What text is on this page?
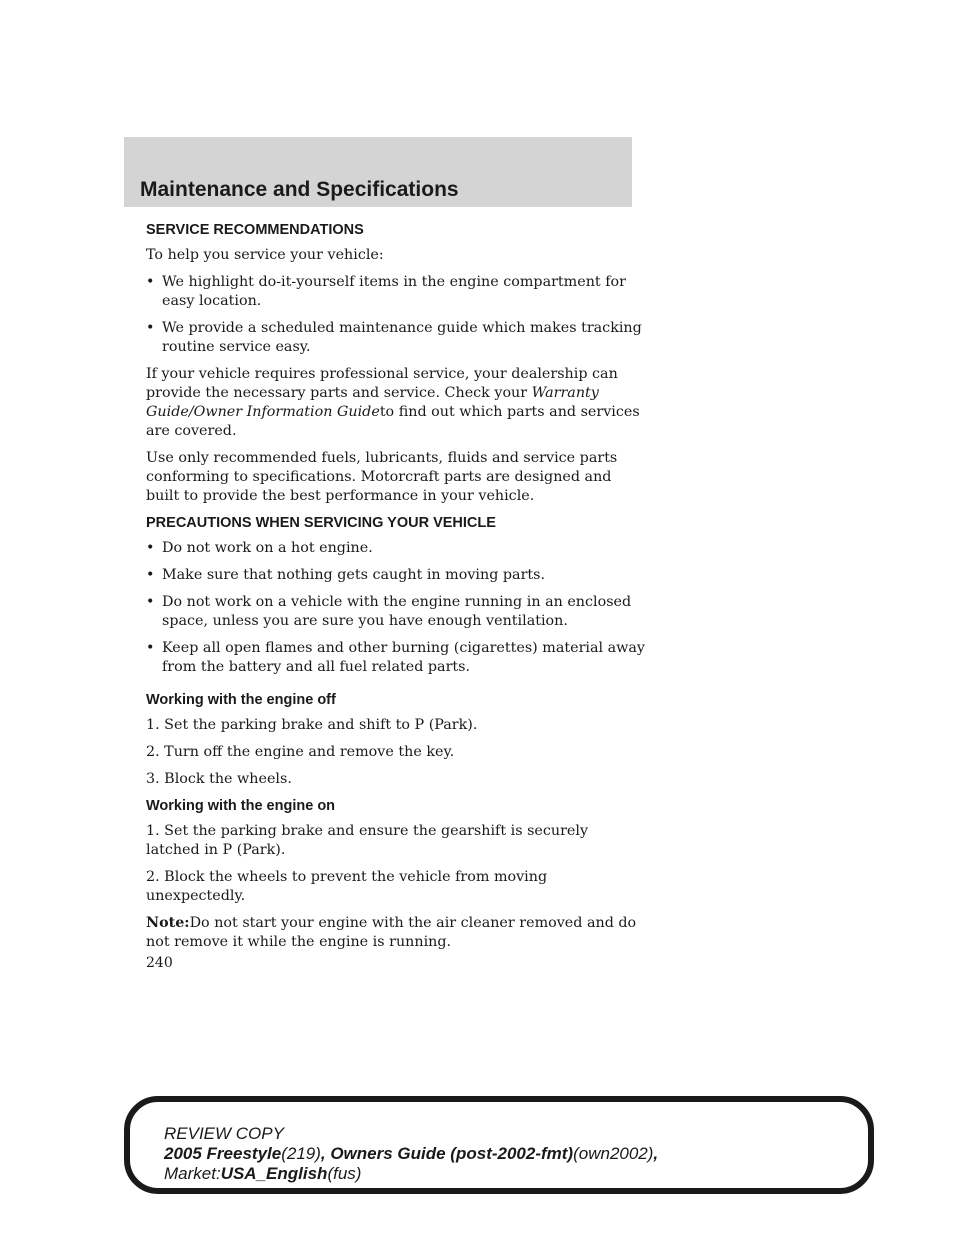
Maintenance and Specifications
SERVICE RECOMMENDATIONS

To help you service your vehicle:

• We highlight do-it-yourself items in the engine compartment for easy location.
• We provide a scheduled maintenance guide which makes tracking routine service easy.

If your vehicle requires professional service, your dealership can provide the necessary parts and service. Check your Warranty Guide/Owner Information Guideto find out which parts and services are covered.

Use only recommended fuels, lubricants, fluids and service parts conforming to specifications. Motorcraft parts are designed and built to provide the best performance in your vehicle.

PRECAUTIONS WHEN SERVICING YOUR VEHICLE
• Do not work on a hot engine.
• Make sure that nothing gets caught in moving parts.
• Do not work on a vehicle with the engine running in an enclosed space, unless you are sure you have enough ventilation.
• Keep all open flames and other burning (cigarettes) material away from the battery and all fuel related parts.
Working with the engine off

1. Set the parking brake and shift to P (Park).

2. Turn off the engine and remove the key.

3. Block the wheels.

Working with the engine on

1. Set the parking brake and ensure the gearshift is securely latched in P (Park).

2. Block the wheels to prevent the vehicle from moving unexpectedly.

Note:Do not start your engine with the air cleaner removed and do not remove it while the engine is running.

240
REVIEW COPY
2005 Freestyle(219), Owners Guide (post-2002-fmt)(own2002),
Market:USA_English(fus)
